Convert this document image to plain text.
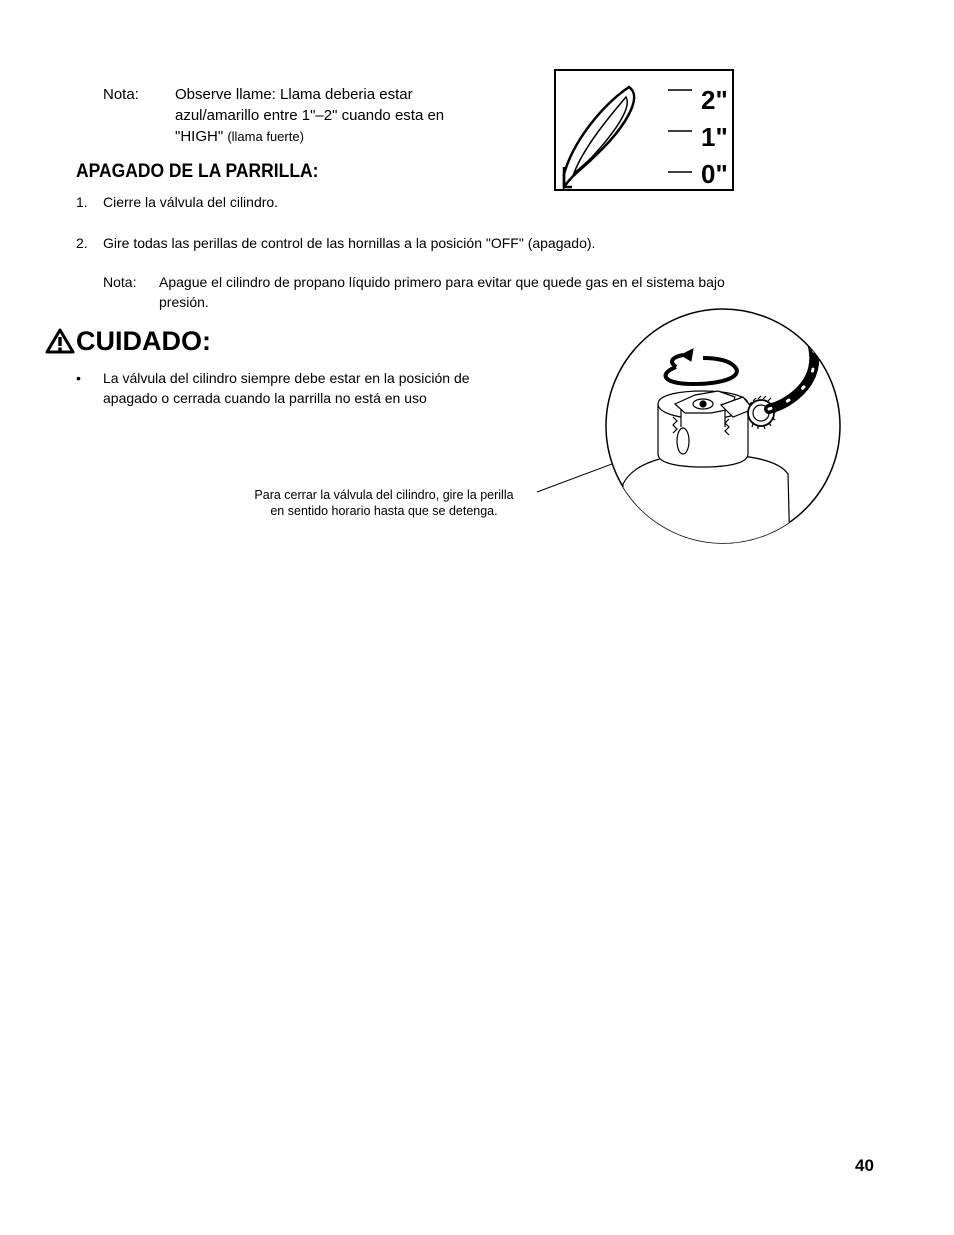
Nota: Observe llame: Llama deberia estar
azul/amarillo entre 1"–2" cuando esta en
"HIGH" (llama fuerte)
2"
1"
0"
APAGADO DE LA PARRILLA:
1. Cierre la válvula del cilindro.
2. Gire todas las perillas de control de las hornillas a la posición "OFF" (apagado).
Nota: Apague el cilindro de propano líquido primero para evitar que quede gas en el sistema bajo
presión.
CUIDADO:
• La válvula del cilindro siempre debe estar en la posición de
apagado o cerrada cuando la parrilla no está en uso
Para cerrar la válvula del cilindro, gire la perilla
en sentido horario hasta que se detenga.
40
